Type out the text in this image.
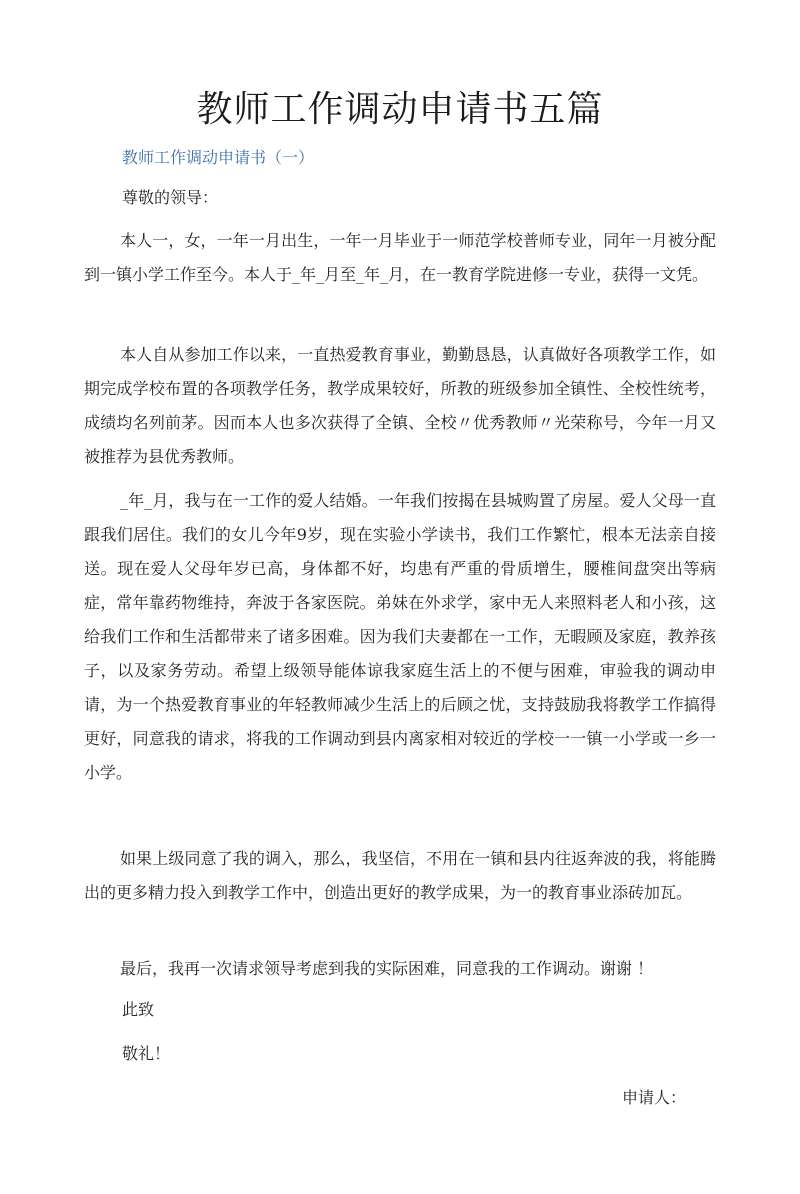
教师工作调动申请书五篇
教师工作调动申请书（一）
尊敬的领导：

本人一，女，一年一月出生，一年一月毕业于一师范学校普师专业，同年一月被分配到一镇小学工作至今。本人于_年_月至_年_月，在一教育学院进修一专业，获得一文凭。

本人自从参加工作以来，一直热爱教育事业，勤勤恳恳，认真做好各项教学工作，如期完成学校布置的各项教学任务，教学成果较好，所教的班级参加全镇性、全校性统考，成绩均名列前茅。因而本人也多次获得了全镇、全校〃优秀教师〃光荣称号，今年一月又被推荐为县优秀教师。

_年_月，我与在一工作的爱人结婚。一年我们按揭在县城购置了房屋。爱人父母一直跟我们居住。我们的女儿今年9岁，现在实验小学读书，我们工作繁忙，根本无法亲自接送。现在爱人父母年岁已高，身体都不好，均患有严重的骨质增生，腰椎间盘突出等病症，常年靠药物维持，奔波于各家医院。弟妹在外求学，家中无人来照料老人和小孩，这给我们工作和生活都带来了诸多困难。因为我们夫妻都在一工作，无暇顾及家庭，教养孩子，以及家务劳动。希望上级领导能体谅我家庭生活上的不便与困难，审验我的调动申请，为一个热爱教育事业的年轻教师减少生活上的后顾之忧，支持鼓励我将教学工作搞得更好，同意我的请求，将我的工作调动到县内离家相对较近的学校一一镇一小学或一乡一小学。

如果上级同意了我的调入，那么，我坚信，不用在一镇和县内往返奔波的我，将能腾出的更多精力投入到教学工作中，创造出更好的教学成果，为一的教育事业添砖加瓦。

最后，我再一次请求领导考虑到我的实际困难，同意我的工作调动。谢谢 ！

此致
敬礼！
申请人：
